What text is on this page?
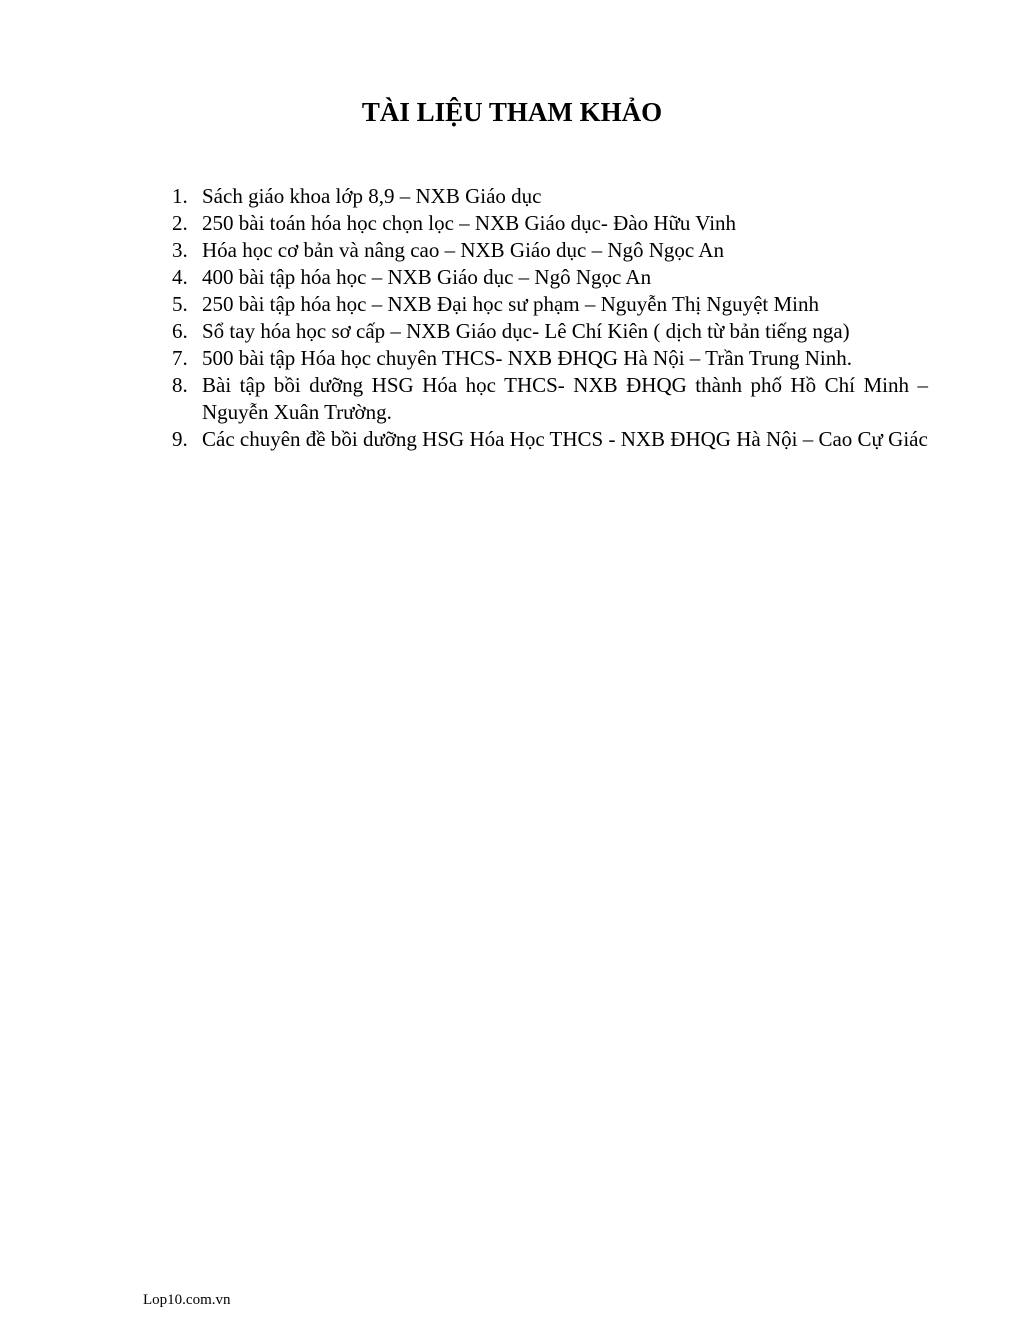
TÀI LIỆU THAM KHẢO
1. Sách giáo khoa lớp 8,9 – NXB Giáo dục
2. 250 bài toán hóa học chọn lọc – NXB Giáo dục- Đào Hữu Vinh
3. Hóa học cơ bản và nâng cao – NXB Giáo dục – Ngô Ngọc An
4. 400 bài tập hóa học – NXB Giáo dục – Ngô Ngọc An
5. 250 bài tập hóa học – NXB Đại học sư phạm – Nguyễn Thị Nguyệt Minh
6. Sổ tay hóa học sơ cấp – NXB Giáo dục- Lê Chí Kiên ( dịch từ bản tiếng nga)
7. 500 bài tập Hóa học chuyên THCS- NXB ĐHQG Hà Nội – Trần Trung Ninh.
8. Bài tập bồi dưỡng HSG Hóa học THCS- NXB ĐHQG thành phố Hồ Chí Minh – Nguyễn Xuân Trường.
9. Các chuyên đề bồi dưỡng HSG Hóa Học THCS - NXB ĐHQG Hà Nội – Cao Cự Giác
Lop10.com.vn
